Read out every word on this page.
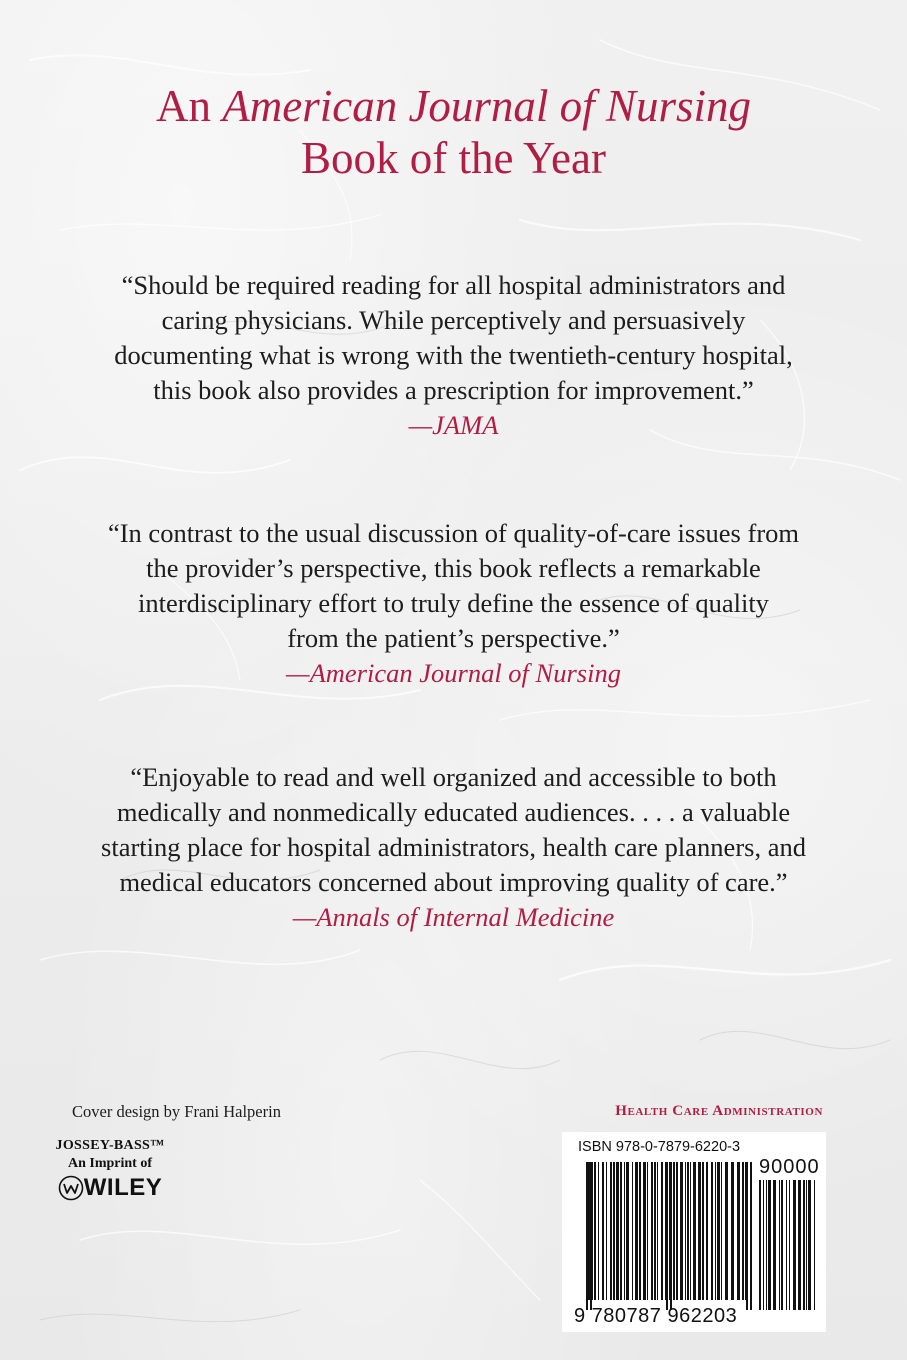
An American Journal of Nursing
Book of the Year
“Should be required reading for all hospital administrators and
caring physicians. While perceptively and persuasively
documenting what is wrong with the twentieth-century hospital,
this book also provides a prescription for improvement.”
—JAMA
“In contrast to the usual discussion of quality-of-care issues from
the provider’s perspective, this book reflects a remarkable
interdisciplinary effort to truly define the essence of quality
from the patient’s perspective.”
—American Journal of Nursing
“Enjoyable to read and well organized and accessible to both
medically and nonmedically educated audiences. . . . a valuable
starting place for hospital administrators, health care planners, and
medical educators concerned about improving quality of care.”
—Annals of Internal Medicine
Cover design by Frani Halperin
JOSSEY-BASS™
An Imprint of
WILEY
Health Care Administration
ISBN 978-0-7879-6220-3
90000
9 780787 962203
